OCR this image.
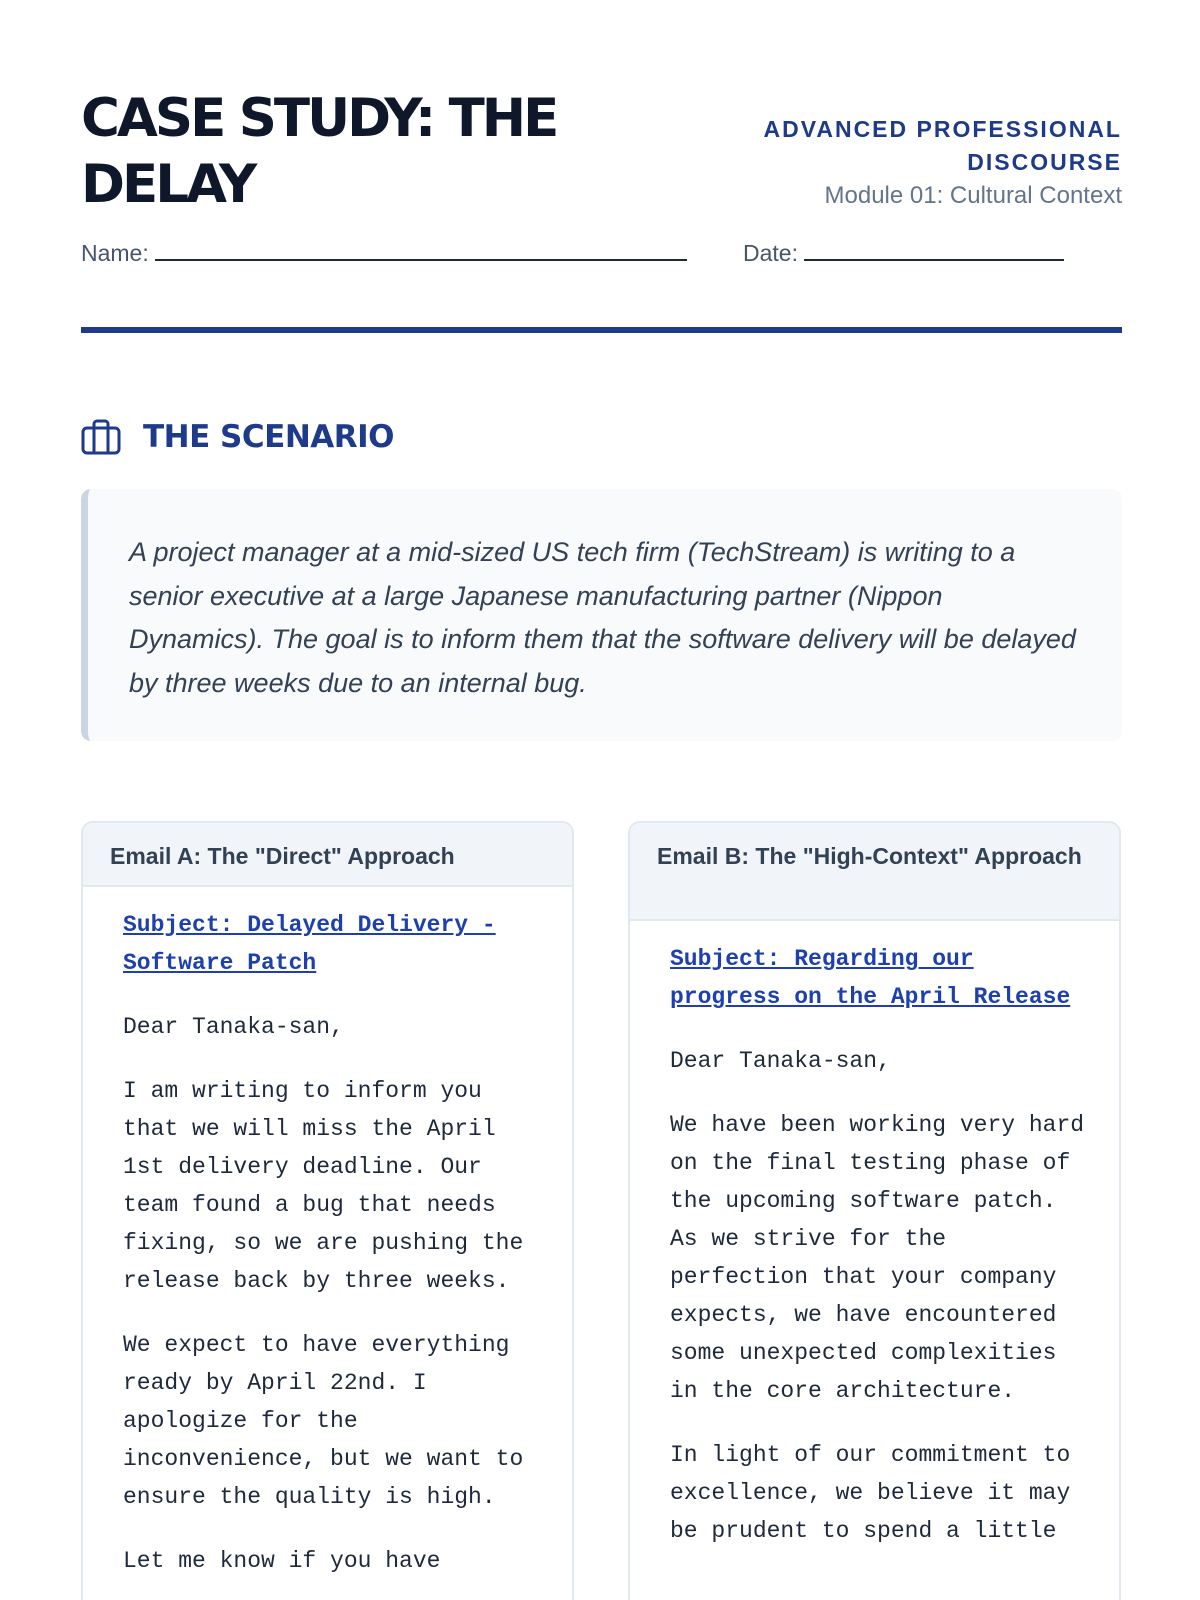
CASE STUDY: THE DELAY
ADVANCED PROFESSIONAL DISCOURSE
Module 01: Cultural Context
Name:	Date:
THE SCENARIO

A project manager at a mid-sized US tech firm (TechStream) is writing to a senior executive at a large Japanese manufacturing partner (Nippon Dynamics). The goal is to inform them that the software delivery will be delayed by three weeks due to an internal bug.

Email A: The "Direct" Approach
Subject: Delayed Delivery - Software Patch

Dear Tanaka-san,

I am writing to inform you that we will miss the April 1st delivery deadline. Our team found a bug that needs fixing, so we are pushing the release back by three weeks.

We expect to have everything ready by April 22nd. I apologize for the inconvenience, but we want to ensure the quality is high.

Let me know if you have

Email B: The "High-Context" Approach
Subject: Regarding our progress on the April Release

Dear Tanaka-san,

We have been working very hard on the final testing phase of the upcoming software patch. As we strive for the perfection that your company expects, we have encountered some unexpected complexities in the core architecture.

In light of our commitment to excellence, we believe it may be prudent to spend a little
